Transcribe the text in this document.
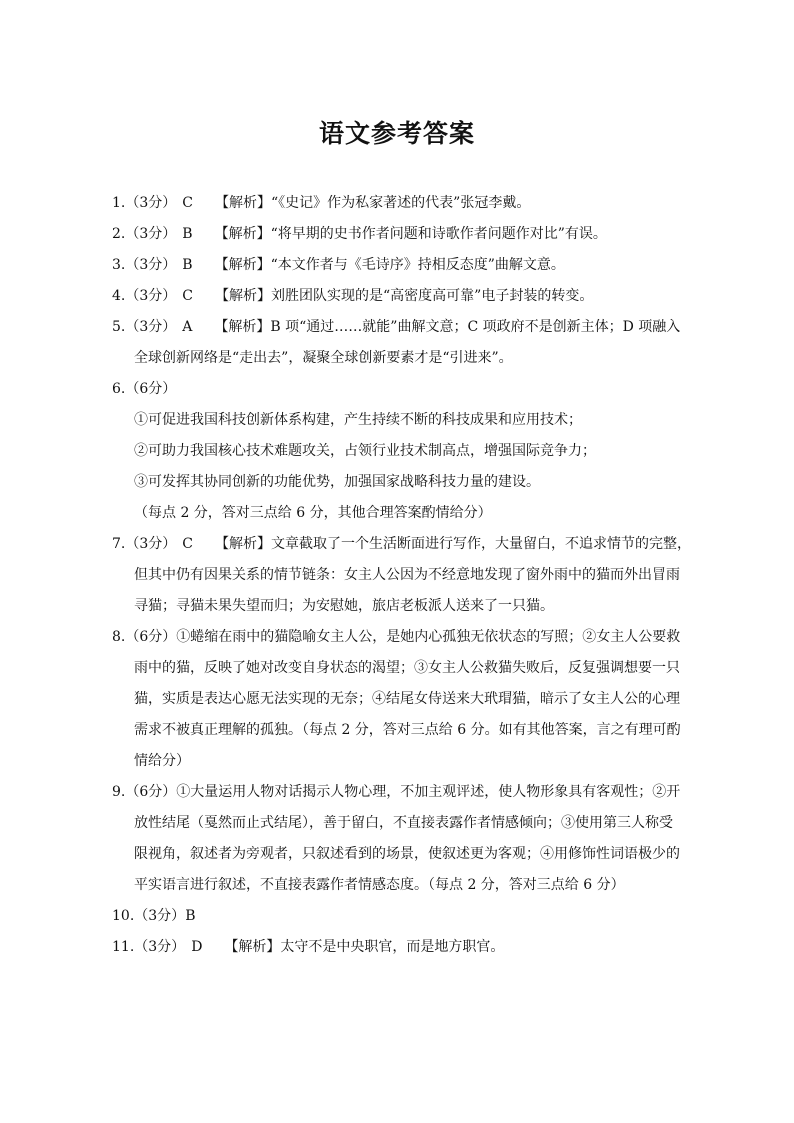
语文参考答案
1.（3分） C 【解析】“《史记》作为私家著述的代表”张冠李戴。
2.（3分） B 【解析】“将早期的史书作者问题和诗歌作者问题作对比”有误。
3.（3分） B 【解析】“本文作者与《毛诗序》持相反态度”曲解文意。
4.（3分） C 【解析】刘胜团队实现的是“高密度高可靠”电子封装的转变。
5.（3分） A 【解析】B 项“通过……就能”曲解文意；C 项政府不是创新主体；D 项融入
全球创新网络是“走出去”，凝聚全球创新要素才是“引进来”。
6.（6分）
①可促进我国科技创新体系构建，产生持续不断的科技成果和应用技术；
②可助力我国核心技术难题攻关，占领行业技术制高点，增强国际竞争力；
③可发挥其协同创新的功能优势，加强国家战略科技力量的建设。
（每点 2 分，答对三点给 6 分，其他合理答案酌情给分）
7.（3分） C 【解析】文章截取了一个生活断面进行写作，大量留白，不追求情节的完整，
但其中仍有因果关系的情节链条：女主人公因为不经意地发现了窗外雨中的猫而外出冒雨
寻猫；寻猫未果失望而归；为安慰她，旅店老板派人送来了一只猫。
8.（6分）①蜷缩在雨中的猫隐喻女主人公，是她内心孤独无依状态的写照；②女主人公要救
雨中的猫，反映了她对改变自身状态的渴望；③女主人公救猫失败后，反复强调想要一只
猫，实质是表达心愿无法实现的无奈；④结尾女侍送来大玳瑁猫，暗示了女主人公的心理
需求不被真正理解的孤独。（每点 2 分，答对三点给 6 分。如有其他答案，言之有理可酌
情给分）
9.（6分）①大量运用人物对话揭示人物心理，不加主观评述，使人物形象具有客观性；②开
放性结尾（戛然而止式结尾），善于留白，不直接表露作者情感倾向；③使用第三人称受
限视角，叙述者为旁观者，只叙述看到的场景，使叙述更为客观；④用修饰性词语极少的
平实语言进行叙述，不直接表露作者情感态度。（每点 2 分，答对三点给 6 分）
10.（3分）B
11.（3分） D 【解析】太守不是中央职官，而是地方职官。
